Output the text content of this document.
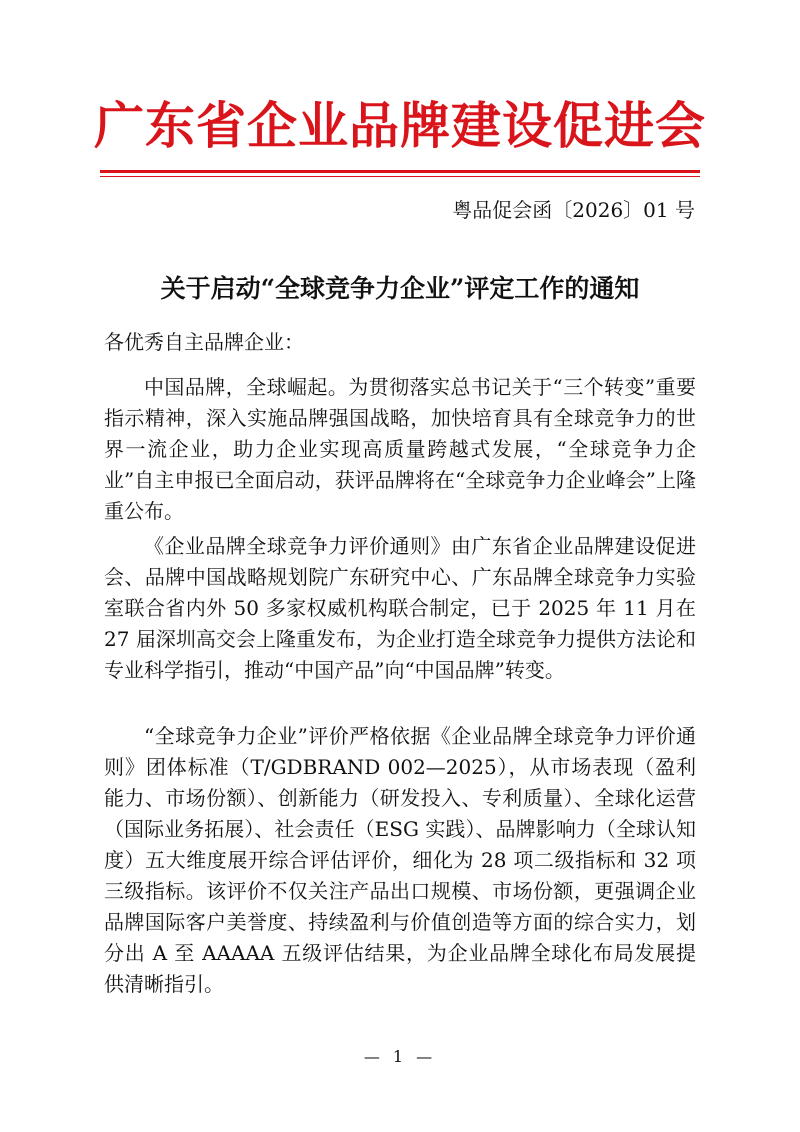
广东省企业品牌建设促进会
粤品促会函〔2026〕01 号
关于启动“全球竞争力企业”评定工作的通知
各优秀自主品牌企业：

中国品牌，全球崛起。为贯彻落实总书记关于“三个转变”重要指示精神，深入实施品牌强国战略，加快培育具有全球竞争力的世界一流企业，助力企业实现高质量跨越式发展，“全球竞争力企业”自主申报已全面启动，获评品牌将在“全球竞争力企业峰会”上隆重公布。

《企业品牌全球竞争力评价通则》由广东省企业品牌建设促进会、品牌中国战略规划院广东研究中心、广东品牌全球竞争力实验室联合省内外 50 多家权威机构联合制定，已于 2025 年 11 月在 27 届深圳高交会上隆重发布，为企业打造全球竞争力提供方法论和专业科学指引，推动“中国产品”向“中国品牌”转变。

“全球竞争力企业”评价严格依据《企业品牌全球竞争力评价通则》团体标准（T/GDBRAND 002—2025），从市场表现（盈利能力、市场份额）、创新能力（研发投入、专利质量）、全球化运营（国际业务拓展）、社会责任（ESG 实践）、品牌影响力（全球认知度）五大维度展开综合评估评价，细化为 28 项二级指标和 32 项三级指标。该评价不仅关注产品出口规模、市场份额，更强调企业品牌国际客户美誉度、持续盈利与价值创造等方面的综合实力，划分出 A 至 AAAAA 五级评估结果，为企业品牌全球化布局发展提供清晰指引。

— 1 —
